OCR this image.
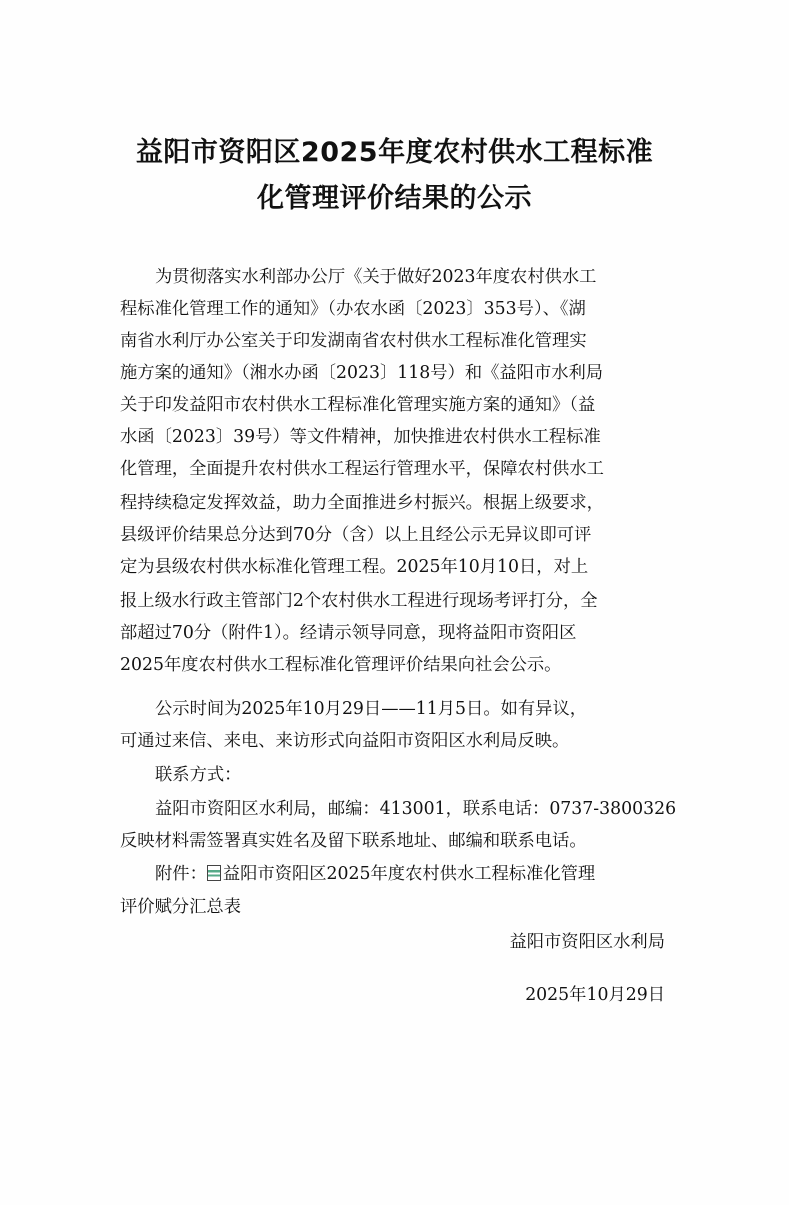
益阳市资阳区2025年度农村供水工程标准
化管理评价结果的公示

为贯彻落实水利部办公厅《关于做好2023年度农村供水工

程标准化管理工作的通知》（办农水函〔2023〕353号）、《湖

南省水利厅办公室关于印发湖南省农村供水工程标准化管理实

施方案的通知》（湘水办函〔2023〕118号）和《益阳市水利局

关于印发益阳市农村供水工程标准化管理实施方案的通知》（益

水函〔2023〕39号）等文件精神，加快推进农村供水工程标准

化管理，全面提升农村供水工程运行管理水平，保障农村供水工

程持续稳定发挥效益，助力全面推进乡村振兴。根据上级要求，

县级评价结果总分达到70分（含）以上且经公示无异议即可评

定为县级农村供水标准化管理工程。2025年10月10日，对上

报上级水行政主管部门2个农村供水工程进行现场考评打分，全

部超过70分（附件1）。经请示领导同意，现将益阳市资阳区

2025年度农村供水工程标准化管理评价结果向社会公示。

公示时间为2025年10月29日——11月5日。如有异议，

可通过来信、来电、来访形式向益阳市资阳区水利局反映。

联系方式：

益阳市资阳区水利局，邮编：413001，联系电话：0737-3800326

反映材料需签署真实姓名及留下联系地址、邮编和联系电话。

附件： 益阳市资阳区2025年度农村供水工程标准化管理

评价赋分汇总表

益阳市资阳区水利局

2025年10月29日
